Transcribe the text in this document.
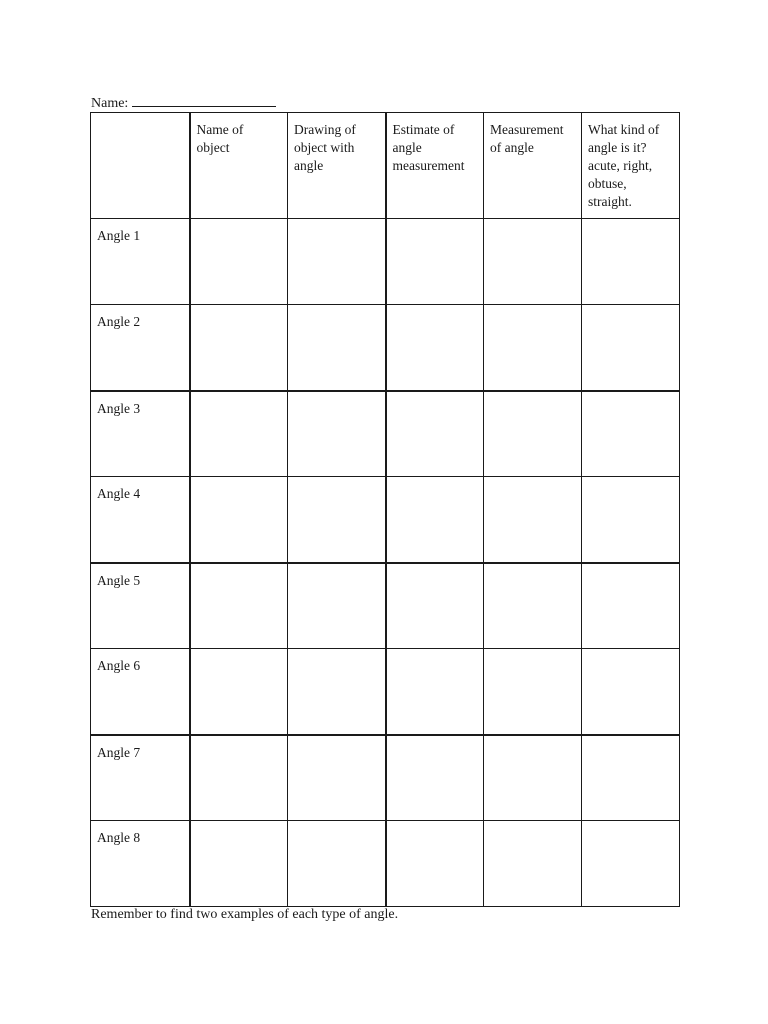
Name:

	Name of
object	Drawing of
object with
angle	Estimate of
angle
measurement	Measurement
of angle	What kind of
angle is it?
acute, right,
obtuse,
straight.

Angle 1					
Angle 2					
Angle 3					
Angle 4					
Angle 5					
Angle 6					
Angle 7					
Angle 8					
Remember to find two examples of each type of angle.
